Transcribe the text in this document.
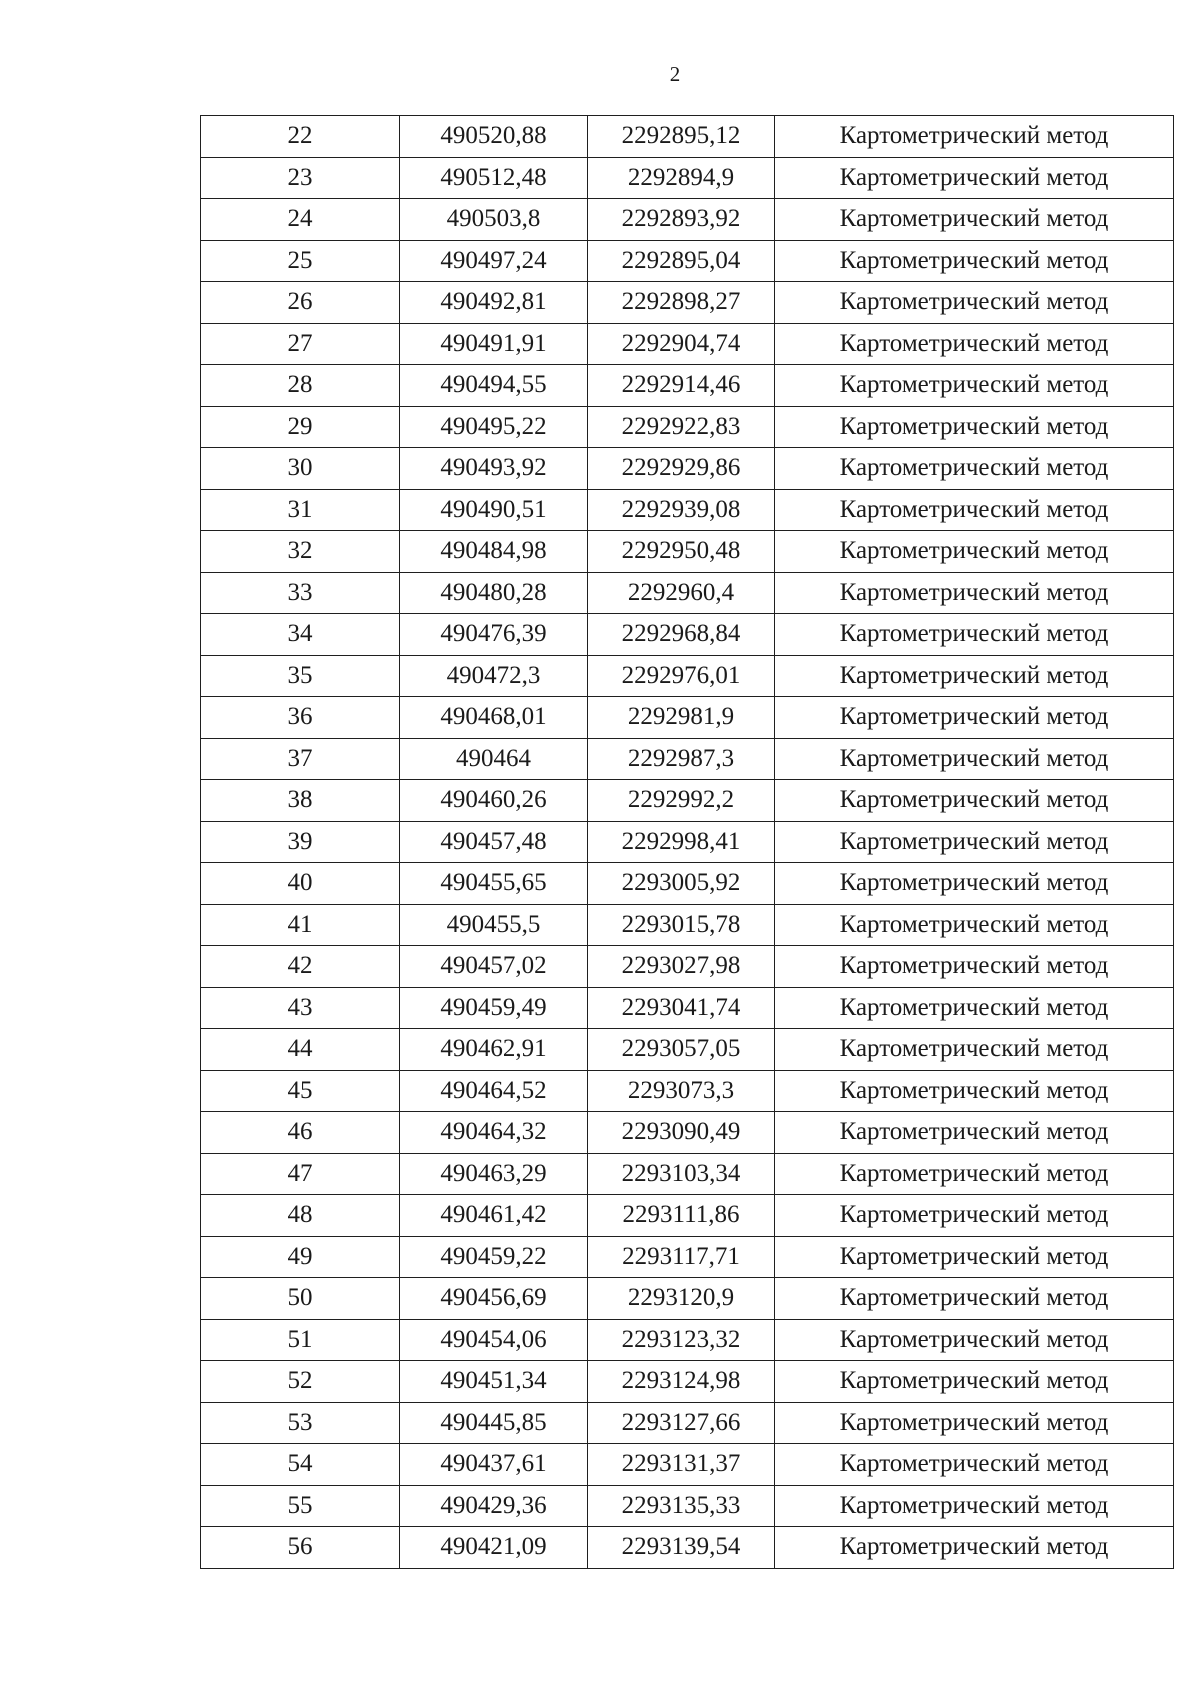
2
22	490520,88	2292895,12	Картометрический метод
23	490512,48	2292894,9	Картометрический метод
24	490503,8	2292893,92	Картометрический метод
25	490497,24	2292895,04	Картометрический метод
26	490492,81	2292898,27	Картометрический метод
27	490491,91	2292904,74	Картометрический метод
28	490494,55	2292914,46	Картометрический метод
29	490495,22	2292922,83	Картометрический метод
30	490493,92	2292929,86	Картометрический метод
31	490490,51	2292939,08	Картометрический метод
32	490484,98	2292950,48	Картометрический метод
33	490480,28	2292960,4	Картометрический метод
34	490476,39	2292968,84	Картометрический метод
35	490472,3	2292976,01	Картометрический метод
36	490468,01	2292981,9	Картометрический метод
37	490464	2292987,3	Картометрический метод
38	490460,26	2292992,2	Картометрический метод
39	490457,48	2292998,41	Картометрический метод
40	490455,65	2293005,92	Картометрический метод
41	490455,5	2293015,78	Картометрический метод
42	490457,02	2293027,98	Картометрический метод
43	490459,49	2293041,74	Картометрический метод
44	490462,91	2293057,05	Картометрический метод
45	490464,52	2293073,3	Картометрический метод
46	490464,32	2293090,49	Картометрический метод
47	490463,29	2293103,34	Картометрический метод
48	490461,42	2293111,86	Картометрический метод
49	490459,22	2293117,71	Картометрический метод
50	490456,69	2293120,9	Картометрический метод
51	490454,06	2293123,32	Картометрический метод
52	490451,34	2293124,98	Картометрический метод
53	490445,85	2293127,66	Картометрический метод
54	490437,61	2293131,37	Картометрический метод
55	490429,36	2293135,33	Картометрический метод
56	490421,09	2293139,54	Картометрический метод
